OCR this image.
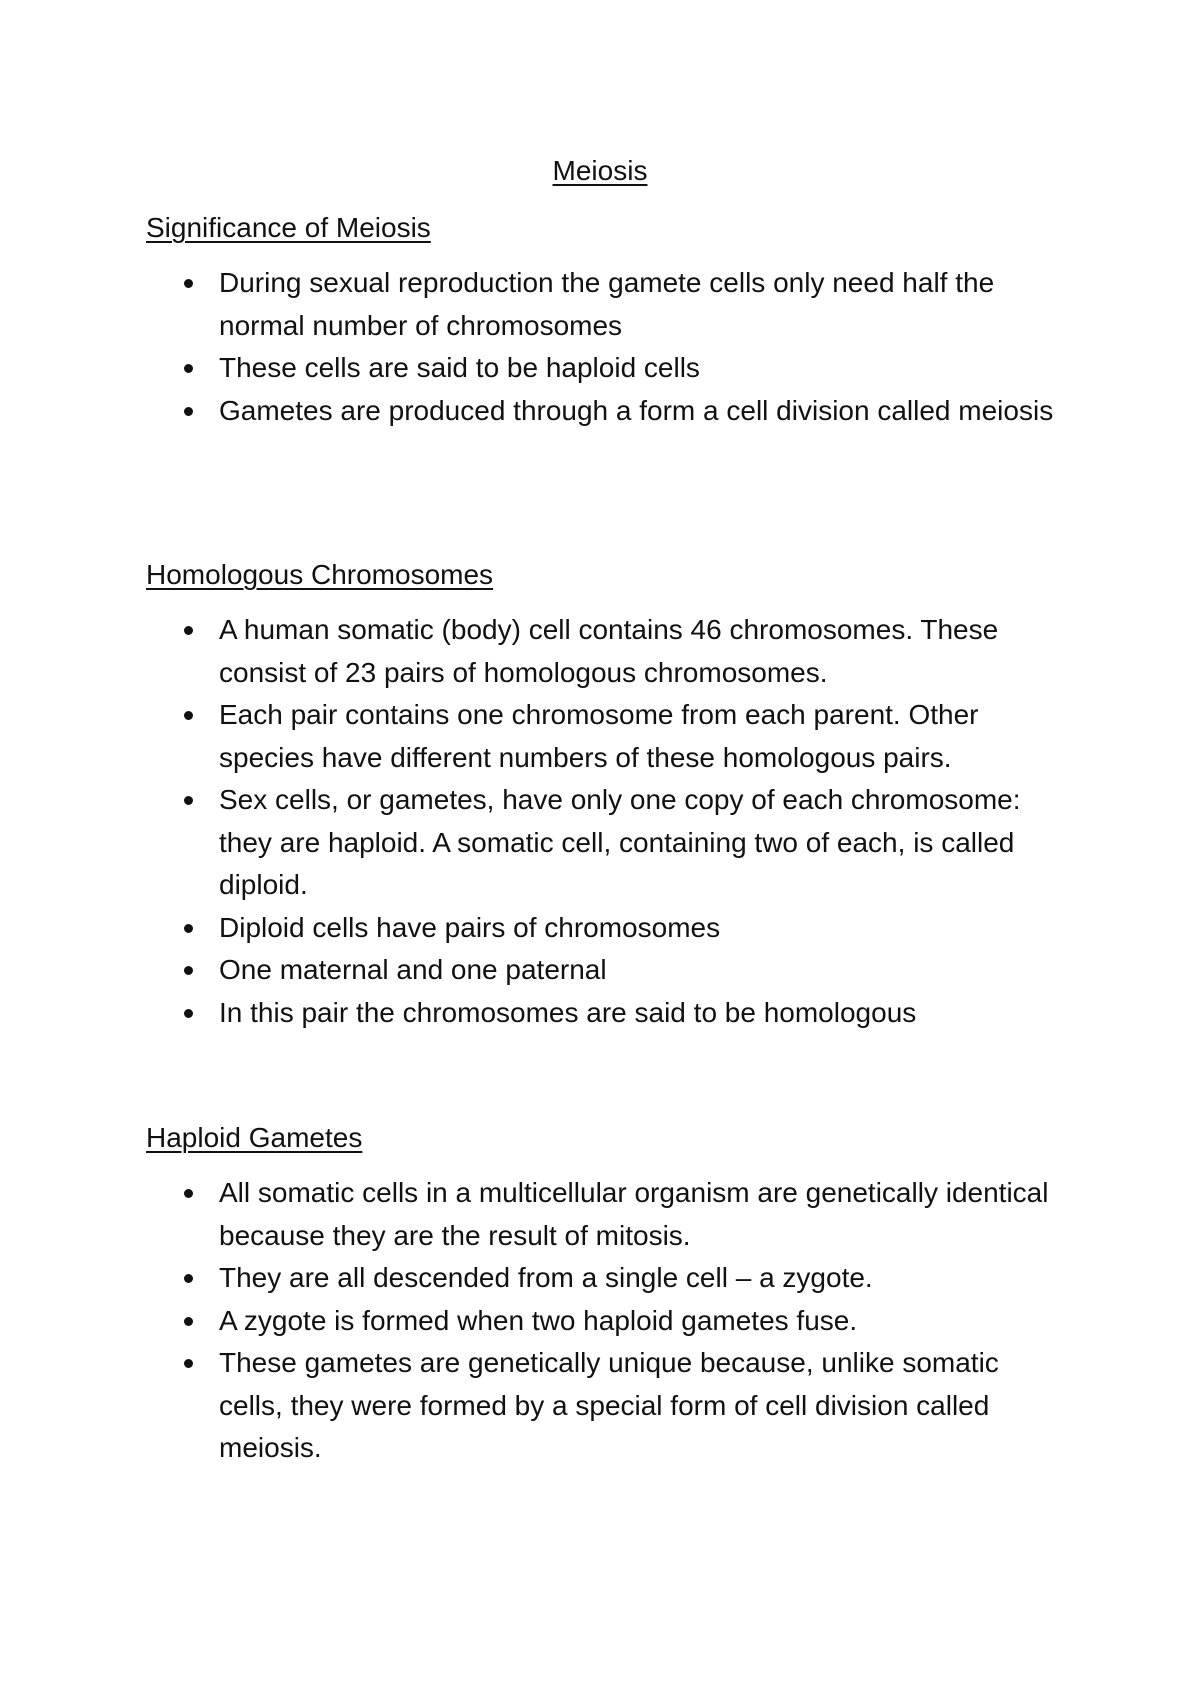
Meiosis
Significance of Meiosis
During sexual reproduction the gamete cells only need half the normal number of chromosomes
These cells are said to be haploid cells
Gametes are produced through a form a cell division called meiosis
Homologous Chromosomes
A human somatic (body) cell contains 46 chromosomes. These consist of 23 pairs of homologous chromosomes.
Each pair contains one chromosome from each parent. Other species have different numbers of these homologous pairs.
Sex cells, or gametes, have only one copy of each chromosome: they are haploid. A somatic cell, containing two of each, is called diploid.
Diploid cells have pairs of chromosomes
One maternal and one paternal
In this pair the chromosomes are said to be homologous
Haploid Gametes
All somatic cells in a multicellular organism are genetically identical because they are the result of mitosis.
They are all descended from a single cell – a zygote.
A zygote is formed when two haploid gametes fuse.
These gametes are genetically unique because, unlike somatic cells, they were formed by a special form of cell division called meiosis.
